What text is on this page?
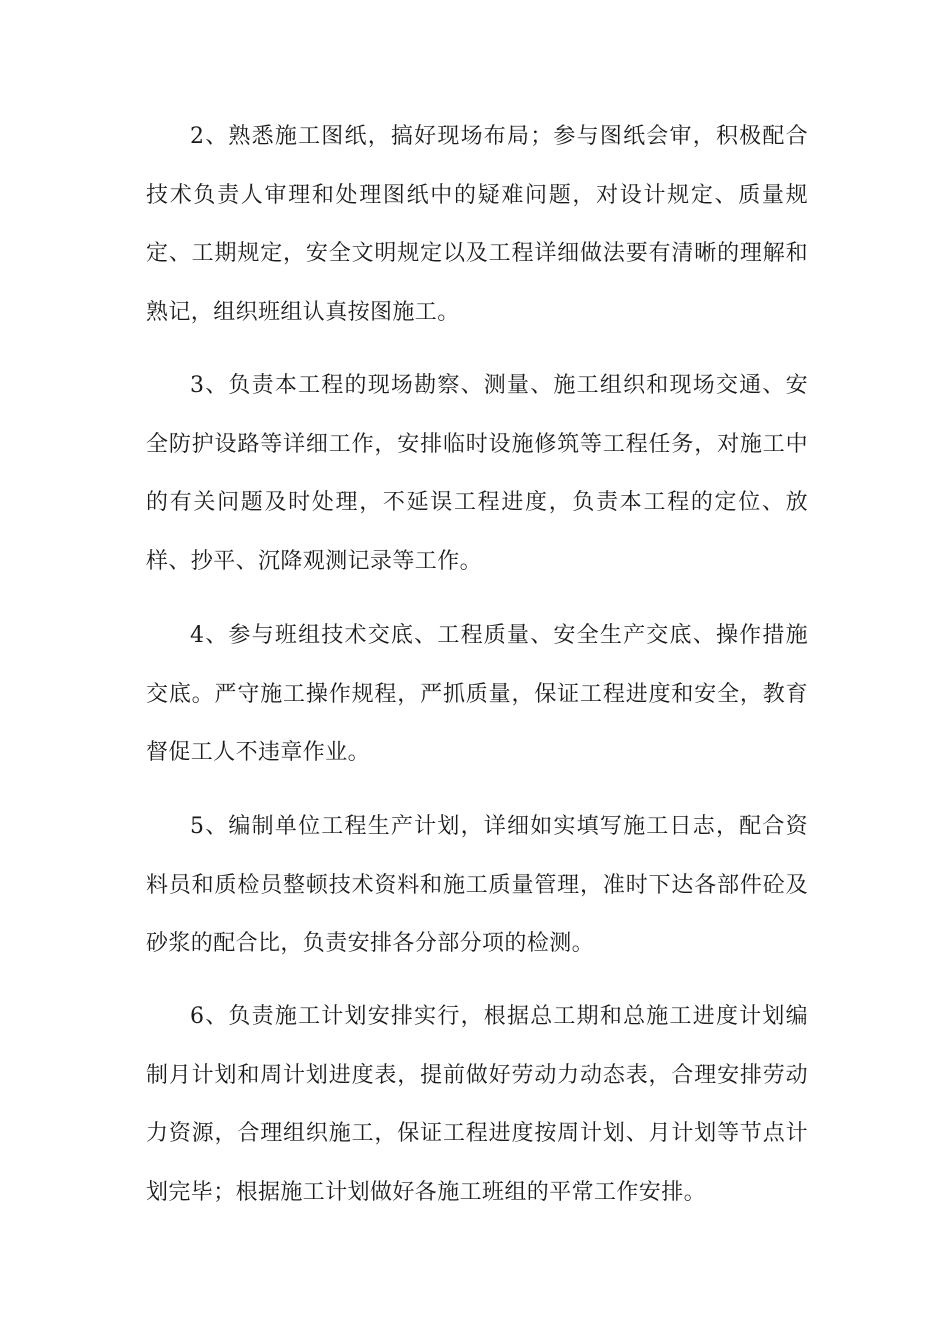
2、熟悉施工图纸，搞好现场布局；参与图纸会审，积极配合技术负责人审理和处理图纸中的疑难问题，对设计规定、质量规定、工期规定，安全文明规定以及工程详细做法要有清晰的理解和熟记，组织班组认真按图施工。

3、负责本工程的现场勘察、测量、施工组织和现场交通、安全防护设路等详细工作，安排临时设施修筑等工程任务，对施工中的有关问题及时处理，不延误工程进度，负责本工程的定位、放样、抄平、沉降观测记录等工作。

4、参与班组技术交底、工程质量、安全生产交底、操作措施交底。严守施工操作规程，严抓质量，保证工程进度和安全，教育督促工人不违章作业。

5、编制单位工程生产计划，详细如实填写施工日志，配合资料员和质检员整顿技术资料和施工质量管理，准时下达各部件砼及砂浆的配合比，负责安排各分部分项的检测。

6、负责施工计划安排实行，根据总工期和总施工进度计划编制月计划和周计划进度表，提前做好劳动力动态表，合理安排劳动力资源，合理组织施工，保证工程进度按周计划、月计划等节点计划完毕；根据施工计划做好各施工班组的平常工作安排。
